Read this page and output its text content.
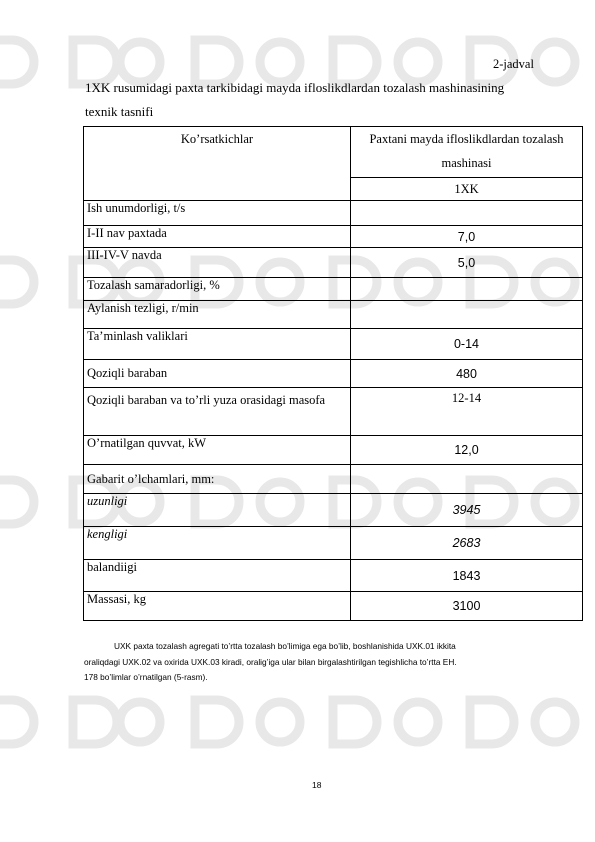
2-jadval
1XK rusumidagi paxta tarkibidagi mayda ifloslikdlardan tozalash mashinasining
texnik tasnifi
Ko’rsatkichlar	Paxtani mayda ifloslikdlardan tozalash mashinasi
	1XK
Ish unumdorligi, t/s	
I-II nav paxtada	7,0
III-IV-V navda	5,0
Tozalash samaradorligi, %	
Aylanish tezligi, r/min	
Ta’minlash valiklari	0-14
Qoziqli baraban	480
Qoziqli baraban va to’rli yuza orasidagi masofa	12-14
O’rnatilgan quvvat, kW	12,0
Gabarit o’lchamlari, mm:	
uzunligi	3945
kengligi	2683
balandiigi	1843
Massasi, kg	3100

UXK paxta tozalash agregati to’rtta tozalash bo’limiga ega bo’lib, boshlanishida UXK.01 ikkita

oraliqdagi UXK.02 va oxirida UXK.03 kiradi, oralig’iga ular bilan birgalashtirilgan tegishlicha to’rtta EH.

178 bo’limlar o’rnatilgan (5-rasm).

18
